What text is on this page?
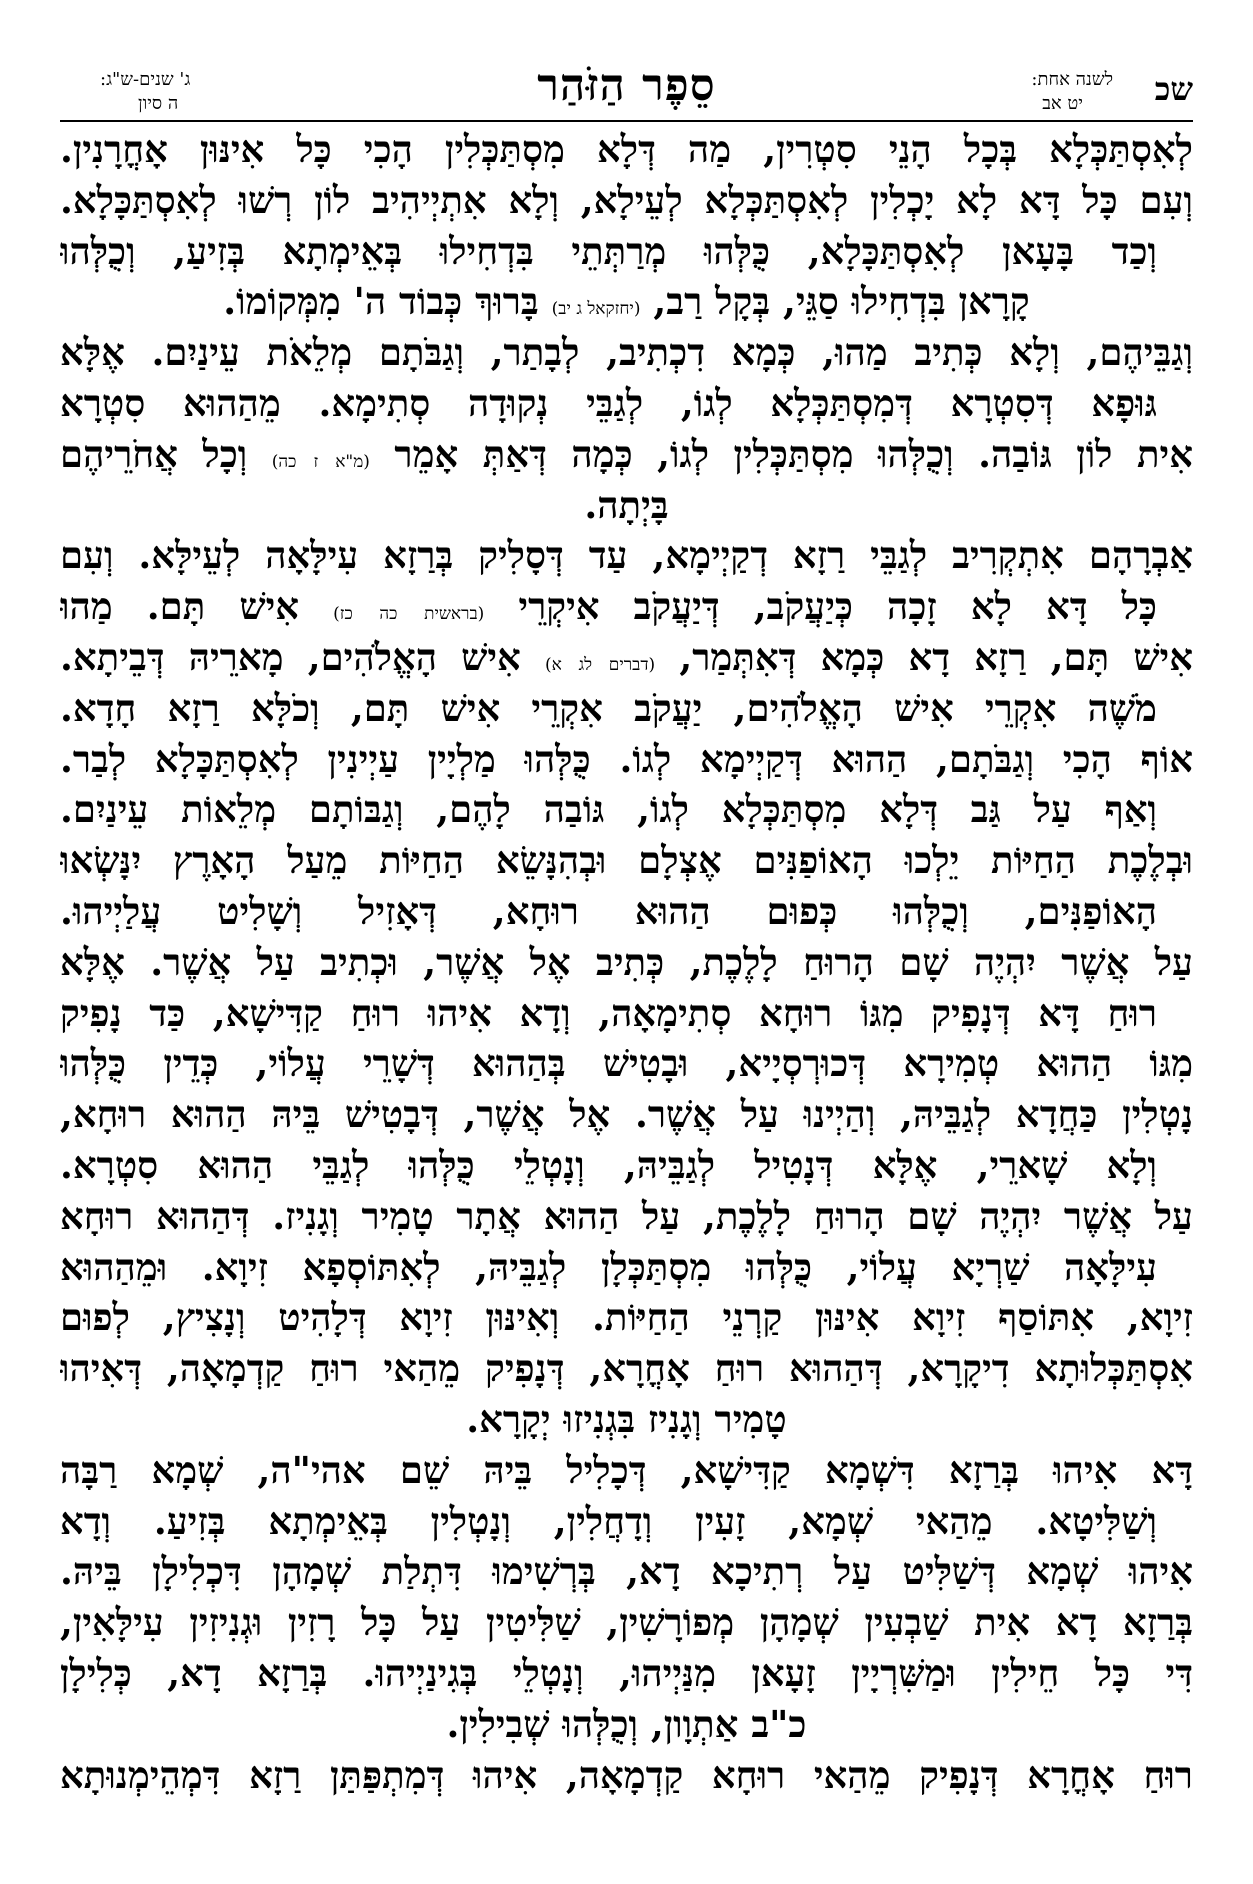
שכ
לשנה אחת:
יט אב
סֵפֶר הַזֹּהַר
ג' שנים-ש"ג:
ה סיון
לְאִסְתַּכְּלָא בְּכָל הָנֵי סִטְרִין, מַה דְּלָא מִסְתַּכְּלִין הָכִי כָּל אִינּוּן אָחֳרָנִין.
וְעִם כָּל דָּא לָא יָכְלִין לְאִסְתַּכְּלָא לְעֵילָא, וְלָא אִתְיְיהִיב לוֹן רְשׁוּ לְאִסְתַּכָּלָא.
וְכַד בָּעָאן לְאִסְתַּכָּלָא, כֻּלְּהוּ מְרַתְּתֵי בִּדְחִילוּ בְּאֵימְתָא בְּזִיעַ, וְכֻלְּהוּ
קָרָאן בִּדְחִילוּ סַגֵּי, בְּקָל רַב, (יחזקאל ג יב) בָּרוּךְ כְּבוֹד ה' מִמְּקוֹמוֹ.
וְגַבֵּיהֶם, וְלָא כְּתִיב מַהוּ, כְּמָא דִכְתִיב, לְבָתַר, וְגַבֹּתָם מְלֵאֹת עֵינַיִם. אֶלָּא
גּוּפָא דְּסִטְרָא דְּמִסְתַּכְּלָא לְגוֹ, לְגַבֵּי נְקוּדָה סְתִימָא. מֵהַהוּא סִטְרָא
אִית לוֹן גּוֹבַה. וְכֻלְּהוּ מִסְתַּכְּלִין לְגוֹ, כְּמָה דְּאַתְּ אָמֵר (מ"א ז כה) וְכָל אֲחֹרֵיהֶם
בָּיְתָה.
אַבְרָהָם אִתְקְרִיב לְגַבֵּי רַזָא דְקַיְימָא, עַד דְּסָלִיק בְּרַזָא עִילָּאָה לְעֵילָּא. וְעִם
כָּל דָּא לָא זָכָה כְּיַעֲקֹב, דְּיַעֲקֹב אִיקְרֵי (בראשית כה כז) אִישׁ תָּם. מַהוּ
אִישׁ תָּם, רַזָא דָא כְּמָא דְּאִתְּמַר, (דברים לג א) אִישׁ הָאֱלֹהִים, מָארֵיהּ דְּבֵיתָא.
מֹשֶׁה אִקְרֵי אִישׁ הָאֱלֹהִים, יַעֲקֹב אִקְרֵי אִישׁ תָּם, וְכֹלָּא רַזָא חָדָא.
אוֹף הָכִי וְגַבֹּתָם, הַהוּא דְּקַיְימָא לְגוֹ. כֻּלְּהוּ מַלְיָין עַיְינִין לְאִסְתַּכָּלָא לְבַר.
וְאַף עַל גַּב דְּלָא מִסְתַּכְּלָא לְגוֹ, גּוֹבַה לָהֶם, וְגַבּוֹתָם מְלֵאוֹת עֵינַיִם.
וּבְלֶכֶת הַחַיּוֹת יֵלְכוּ הָאוֹפַנִּים אֶצְלָם וּבְהִנָּשֵׂא הַחַיּוֹת מֵעַל הָאָרֶץ יִנָּשְׂאוּ
הָאוֹפַנִּים, וְכֻלְּהוּ כְּפוּם הַהוּא רוּחָא, דְּאָזִיל וְשָׁלִיט עֲלַיְיהוּ.
עַל אֲשֶׁר יִהְיֶה שָׁם הָרוּחַ לָלֶכֶת, כְּתִיב אֶל אֲשֶׁר, וּכְתִיב עַל אֲשֶׁר. אֶלָּא
רוּחַ דָּא דְּנָפִיק מִגּוֹ רוּחָא סְתִימָאָה, וְדָא אִיהוּ רוּחַ קַדִּישָׁא, כַּד נָפִיק
מִגּוֹ הַהוּא טְמִירָא דְּכוּרְסְיָיא, וּבָטִישׁ בְּהַהוּא דְּשָׁרֵי עֲלוֹי, כְּדֵין כֻּלְּהוּ
נָטְלִין כַּחֲדָא לְגַבֵּיהּ, וְהַיְינוּ עַל אֲשֶׁר. אֶל אֲשֶׁר, דְּבָטִישׁ בֵּיהּ הַהוּא רוּחָא,
וְלָא שָׁארֵי, אֶלָּא דְּנָטִיל לְגַבֵּיהּ, וְנָטְלֵי כֻּלְּהוּ לְגַבֵּי הַהוּא סִטְרָא.
עַל אֲשֶׁר יִהְיֶה שָׁם הָרוּחַ לָלֶכֶת, עַל הַהוּא אֲתָר טָמִיר וְגָנִיז. דְּהַהוּא רוּחָא
עִילָּאָה שַׁרְיָא עֲלוֹי, כֻּלְּהוּ מִסְתַּכְּלָן לְגַבֵּיהּ, לְאִתּוֹסְפָא זִיוָא. וּמֵהַהוּא
זִיוָא, אִתּוֹסַף זִיוָא אִינּוּן קַרְנֵי הַחַיּוֹת. וְאִינּוּן זִיוָא דְּלָהִיט וְנָצִיץ, לְפוּם
אִסְתַּכְּלוּתָא דִיקָרָא, דְּהַהוּא רוּחַ אָחֳרָא, דְּנָפִיק מֵהַאי רוּחַ קַדְמָאָה, דְּאִיהוּ
טָמִיר וְגָנִיז בִּגְנִיזוּ יְקָרָא.
דָּא אִיהוּ בְּרַזָא דִּשְׁמָא קַדִּישָׁא, דְּכָלִיל בֵּיהּ שֵׁם אהי"ה, שְׁמָא רַבָּה
וְשַׁלִּיטָא. מֵהַאי שְׁמָא, זָעִין וְדָחֲלִין, וְנָטְלִין בְּאֵימְתָא בְּזִיעַ. וְדָא
אִיהוּ שְׁמָא דְּשַׁלִּיט עַל רְתִיכָא דָא, בְּרְשִׁימוּ דִּתְלַת שְׁמָהָן דִּכְלִילָן בֵּיהּ.
בְּרַזָא דָא אִית שַׁבְעִין שְׁמָהָן מְפוֹרָשִׁין, שַׁלִּיטִין עַל כָּל רָזִין וּגְנִיזִין עִילָּאִין,
דִּי כָּל חֵילִין וּמַשִּׁרְיָין זָעָאן מִנַּיְיהוּ, וְנָטְלֵי בְּגִינַיְיהוּ. בְּרַזָא דָא, כְּלִילָן
כ"ב אַתְוָון, וְכֻלְּהוּ שְׁבִילִין.
רוּחַ אָחֳרָא דְּנָפִיק מֵהַאי רוּחָא קַדְמָאָה, אִיהוּ דְּמִתְפַּתַּן רַזָא דִּמְהֵימְנוּתָא
